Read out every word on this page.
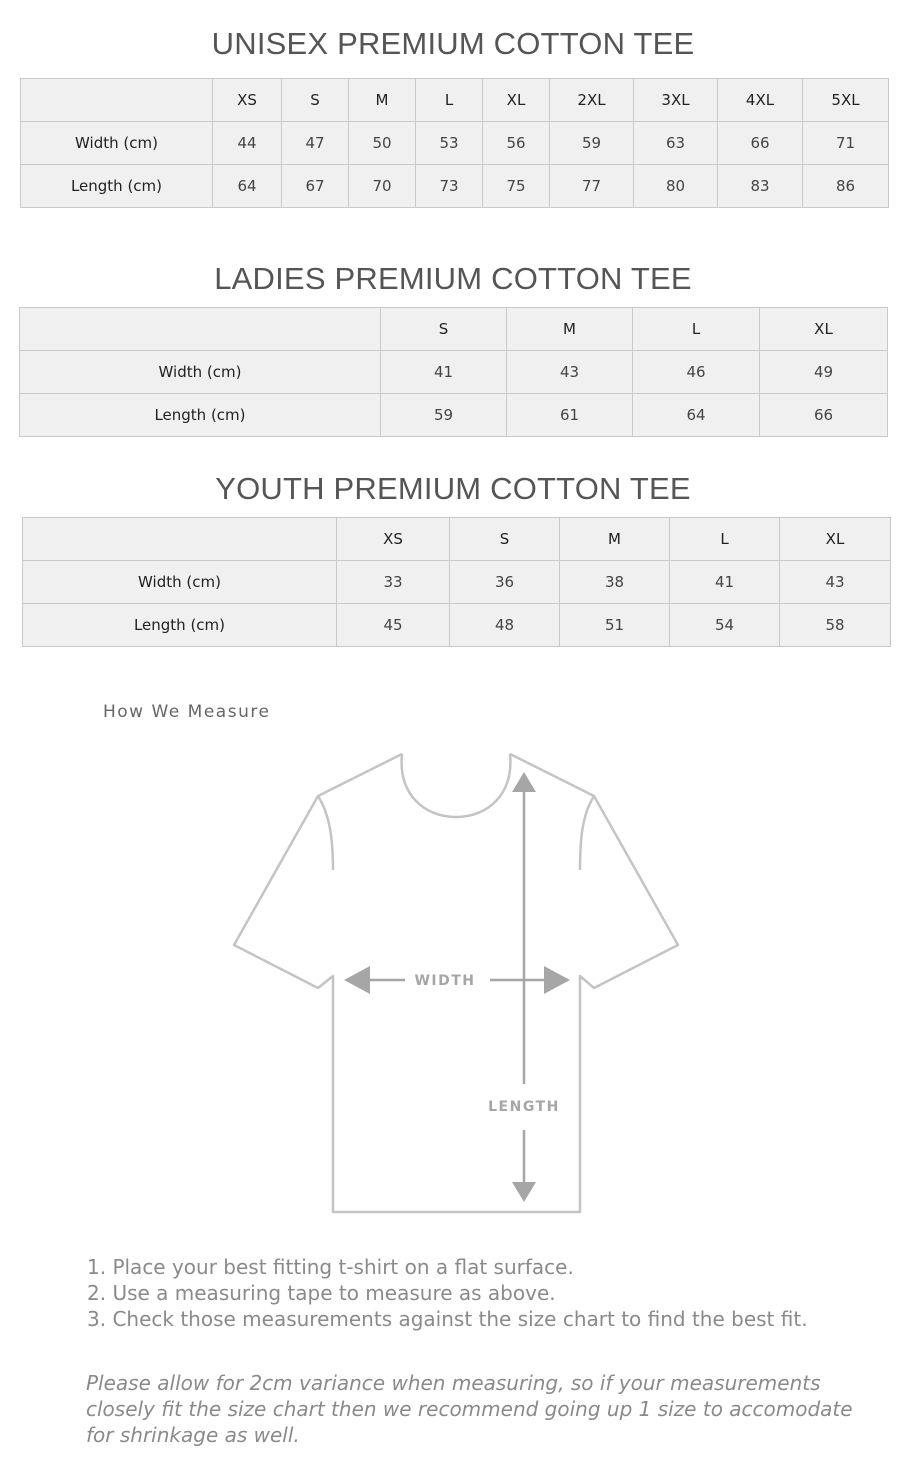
UNISEX PREMIUM COTTON TEE
	XS	S	M	L	XL	2XL	3XL	4XL	5XL
Width (cm)	44	47	50	53	56	59	63	66	71
Length (cm)	64	67	70	73	75	77	80	83	86
LADIES PREMIUM COTTON TEE
	S	M	L	XL
Width (cm)	41	43	46	49
Length (cm)	59	61	64	66
YOUTH PREMIUM COTTON TEE
	XS	S	M	L	XL
Width (cm)	33	36	38	41	43
Length (cm)	45	48	51	54	58
How We Measure
WIDTH
LENGTH
1. Place your best fitting t-shirt on a flat surface.
2. Use a measuring tape to measure as above.
3. Check those measurements against the size chart to find the best fit.
Please allow for 2cm variance when measuring, so if your measurements closely fit the size chart then we recommend going up 1 size to accomodate for shrinkage as well.
